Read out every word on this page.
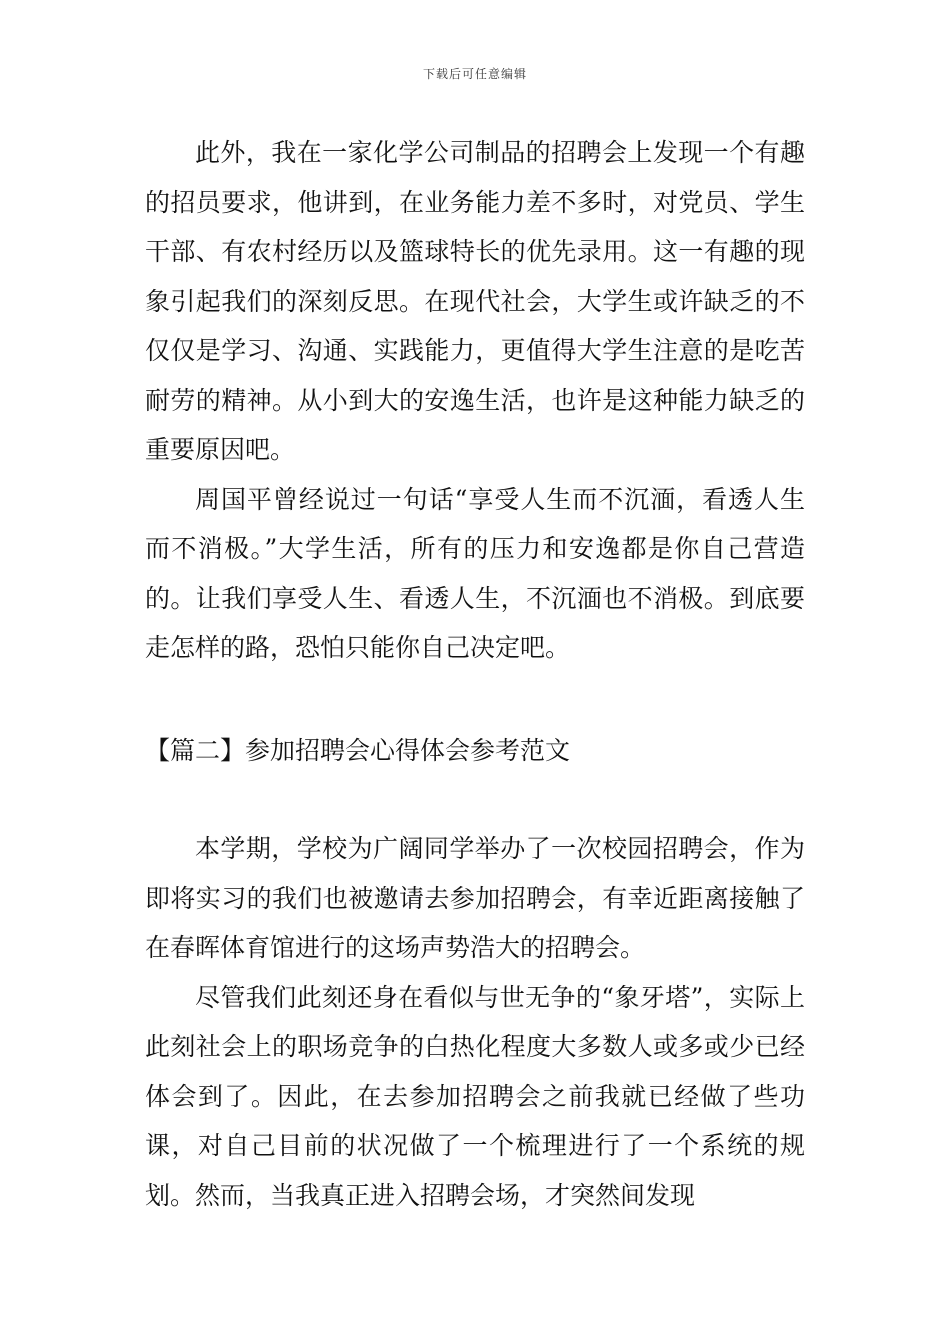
下载后可任意编辑

此外，我在一家化学公司制品的招聘会上发现一个有趣的招员要求，他讲到，在业务能力差不多时，对党员、学生干部、有农村经历以及篮球特长的优先录用。这一有趣的现象引起我们的深刻反思。在现代社会，大学生或许缺乏的不仅仅是学习、沟通、实践能力，更值得大学生注意的是吃苦耐劳的精神。从小到大的安逸生活，也许是这种能力缺乏的重要原因吧。

周国平曾经说过一句话“享受人生而不沉湎，看透人生而不消极。”大学生活，所有的压力和安逸都是你自己营造的。让我们享受人生、看透人生，不沉湎也不消极。到底要走怎样的路，恐怕只能你自己决定吧。

【篇二】参加招聘会心得体会参考范文

本学期，学校为广阔同学举办了一次校园招聘会，作为即将实习的我们也被邀请去参加招聘会，有幸近距离接触了在春晖体育馆进行的这场声势浩大的招聘会。

尽管我们此刻还身在看似与世无争的“象牙塔”，实际上此刻社会上的职场竞争的白热化程度大多数人或多或少已经体会到了。因此，在去参加招聘会之前我就已经做了些功课，对自己目前的状况做了一个梳理进行了一个系统的规划。然而，当我真正进入招聘会场，才突然间发现
